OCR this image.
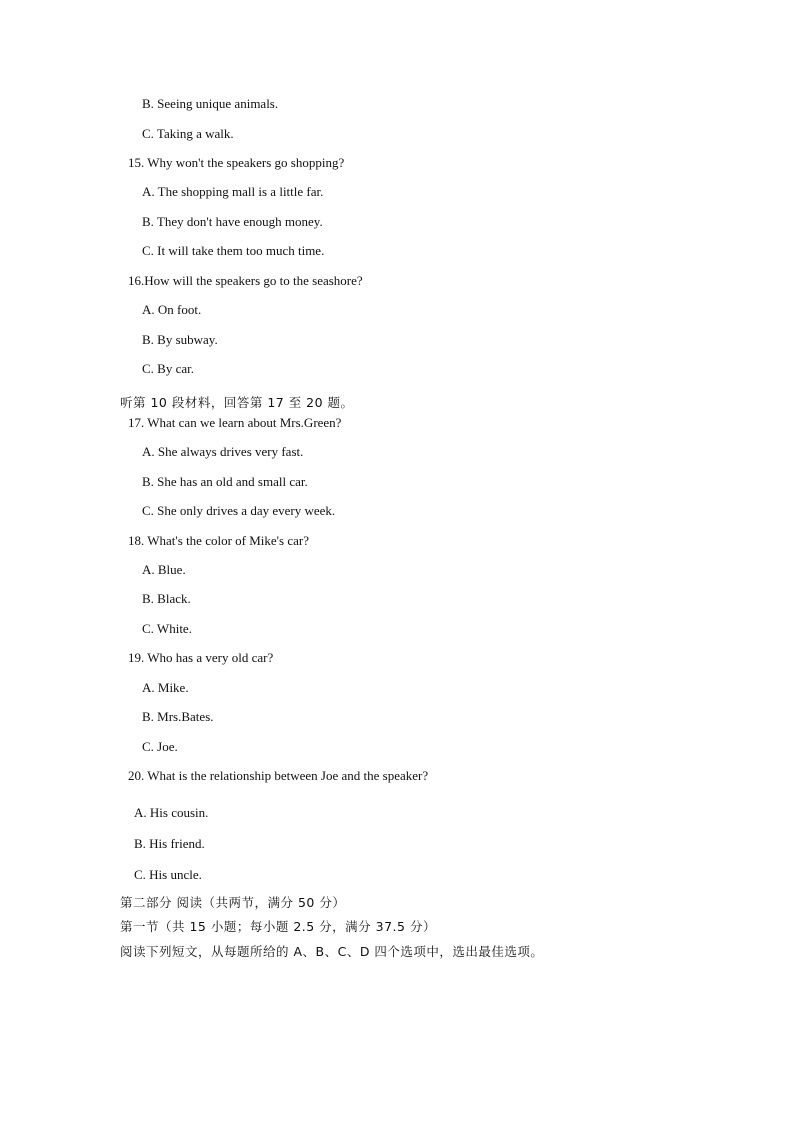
B. Seeing unique animals.
C. Taking a walk.
15. Why won't the speakers go shopping?
A. The shopping mall is a little far.
B. They don't have enough money.
C. It will take them too much time.
16.How will the speakers go to the seashore?
A. On foot.
B. By subway.
C. By car.
听第 10 段材料，回答第 17 至 20 题。
17. What can we learn about Mrs.Green?
A. She always drives very fast.
B. She has an old and small car.
C. She only drives a day every week.
18. What's the color of Mike's car?
A. Blue.
B. Black.
C. White.
19. Who has a very old car?
A. Mike.
B. Mrs.Bates.
C. Joe.
20. What is the relationship between Joe and the speaker?
A. His cousin.
B. His friend.
C. His uncle.
第二部分 阅读（共两节，满分 50 分）
第一节（共 15 小题；每小题 2.5 分，满分 37.5 分）
阅读下列短文，从每题所给的 A、B、C、D 四个选项中，选出最佳选项。
